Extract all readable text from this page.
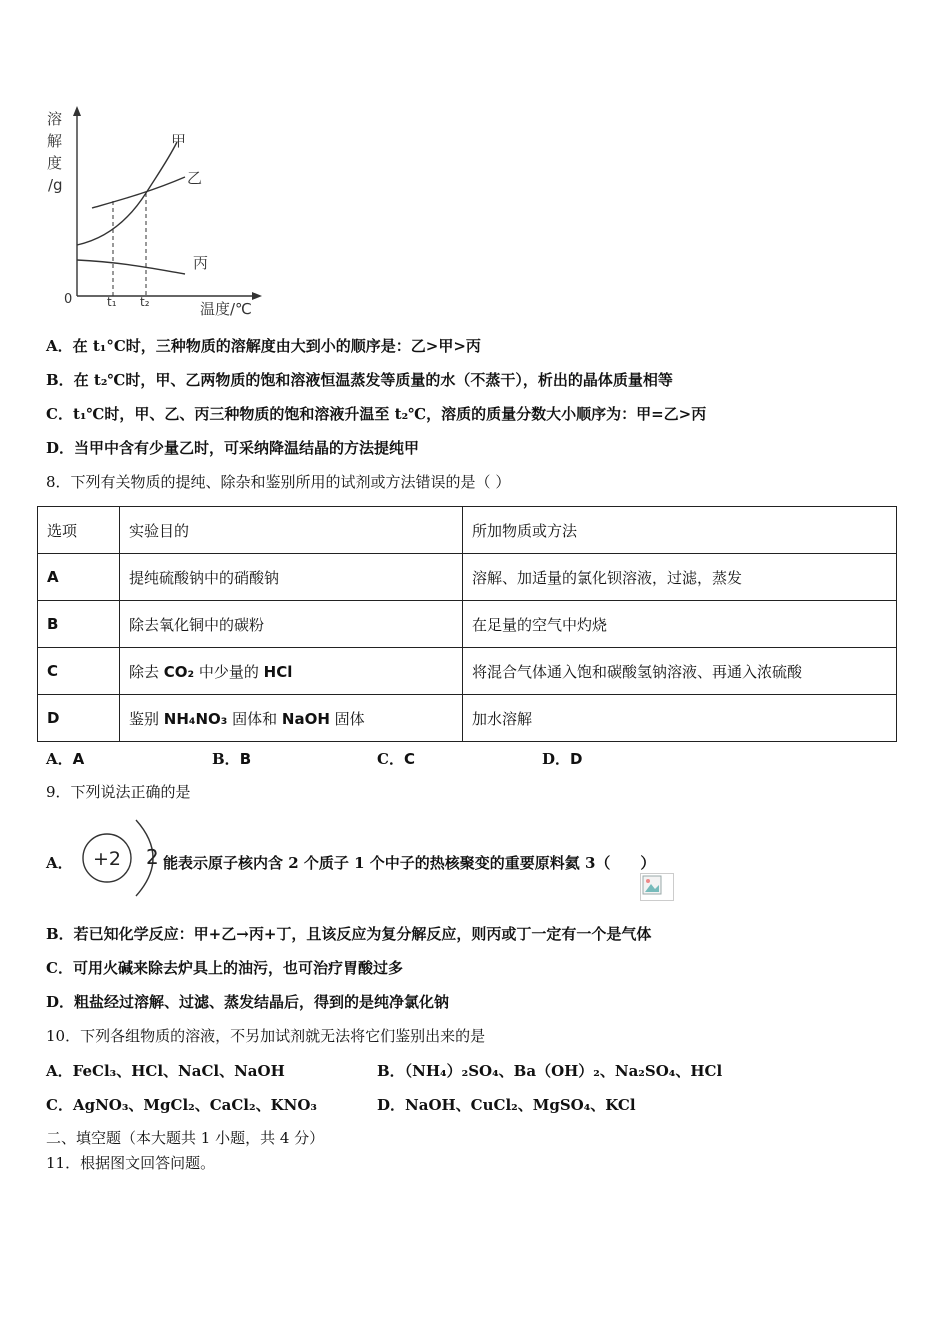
溶
解
度
/g
0
温度/℃
t₁ t₂
甲
乙
丙
A．在 t₁°C时，三种物质的溶解度由大到小的顺序是：乙>甲>丙
B．在 t₂℃时，甲、乙两物质的饱和溶液恒温蒸发等质量的水（不蒸干），析出的晶体质量相等
C．t₁℃时，甲、乙、丙三种物质的饱和溶液升温至 t₂℃，溶质的质量分数大小顺序为：甲=乙>丙
D．当甲中含有少量乙时，可采纳降温结晶的方法提纯甲
8．下列有关物质的提纯、除杂和鉴别所用的试剂或方法错误的是（ ）
选项	实验目的	所加物质或方法
A	提纯硫酸钠中的硝酸钠	溶解、加适量的氯化钡溶液，过滤，蒸发
B	除去氧化铜中的碳粉	在足量的空气中灼烧
C	除去 CO₂ 中少量的 HCl	将混合气体通入饱和碳酸氢钠溶液、再通入浓硫酸
D	鉴别 NH₄NO₃ 固体和 NaOH 固体	加水溶解
A．A	B．B	C．C	D．D
9．下列说法正确的是
A． +2 2 能表示原子核内含 2 个质子 1 个中子的热核聚变的重要原料氦 3（　　）
B．若已知化学反应：甲+乙→丙+丁，且该反应为复分解反应，则丙或丁一定有一个是气体
C．可用火碱来除去炉具上的油污，也可治疗胃酸过多
D．粗盐经过溶解、过滤、蒸发结晶后，得到的是纯净氯化钠
10．下列各组物质的溶液，不另加试剂就无法将它们鉴别出来的是
A．FeCl₃、HCl、NaCl、NaOH	B．（NH₄）₂SO₄、Ba（OH）₂、Na₂SO₄、HCl
C．AgNO₃、MgCl₂、CaCl₂、KNO₃	D．NaOH、CuCl₂、MgSO₄、KCl
二、填空题（本大题共 1 小题，共 4 分）
11．根据图文回答问题。
